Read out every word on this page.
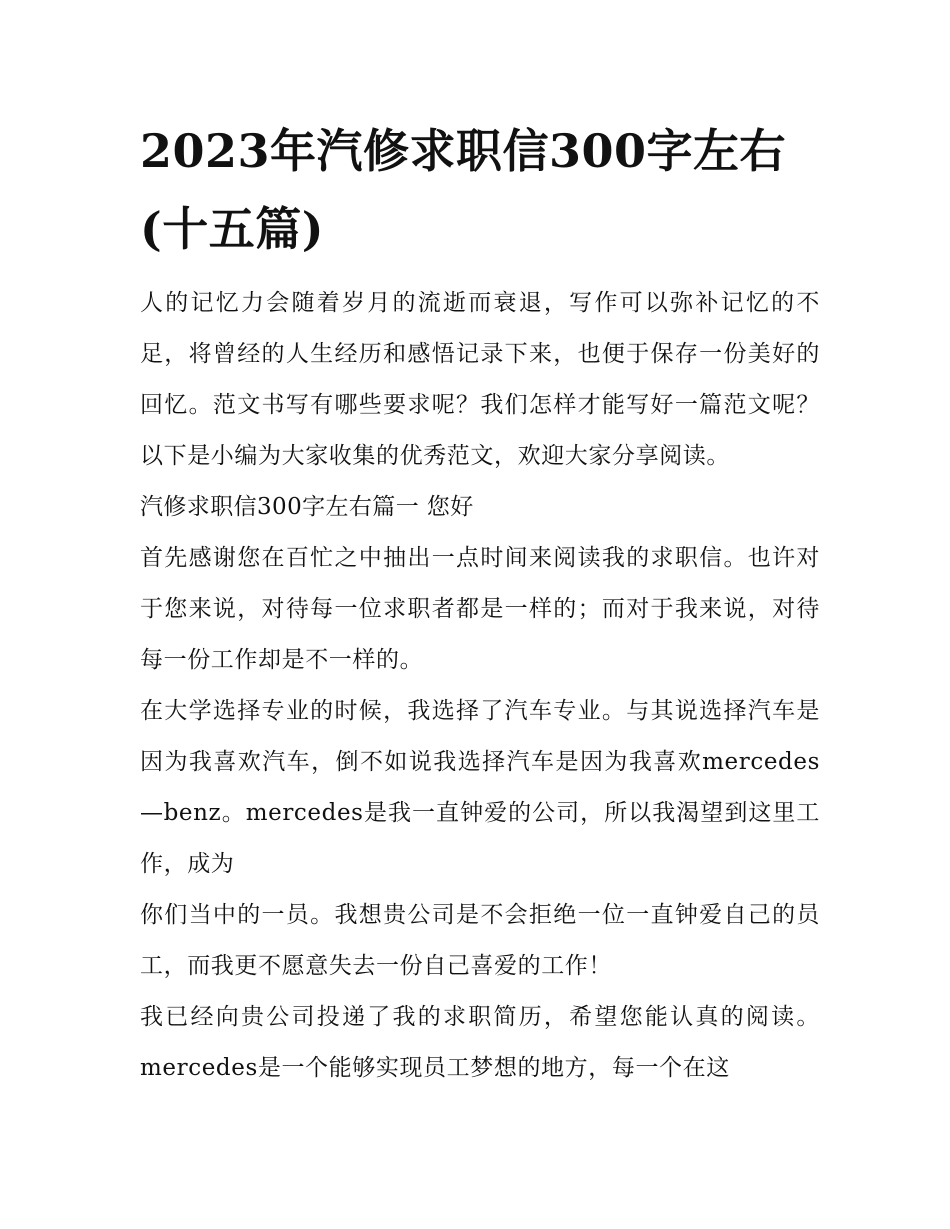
2023年汽修求职信300字左右(十五篇)

人的记忆力会随着岁月的流逝而衰退，写作可以弥补记忆的不足，将曾经的人生经历和感悟记录下来，也便于保存一份美好的回忆。范文书写有哪些要求呢？我们怎样才能写好一篇范文呢？以下是小编为大家收集的优秀范文，欢迎大家分享阅读。

汽修求职信300字左右篇一 您好

首先感谢您在百忙之中抽出一点时间来阅读我的求职信。也许对于您来说，对待每一位求职者都是一样的；而对于我来说，对待每一份工作却是不一样的。

在大学选择专业的时候，我选择了汽车专业。与其说选择汽车是因为我喜欢汽车，倒不如说我选择汽车是因为我喜欢mercedes—benz。mercedes是我一直钟爱的公司，所以我渴望到这里工作，成为

你们当中的一员。我想贵公司是不会拒绝一位一直钟爱自己的员工，而我更不愿意失去一份自己喜爱的工作！

我已经向贵公司投递了我的求职简历，希望您能认真的阅读。mercedes是一个能够实现员工梦想的地方，每一个在这
